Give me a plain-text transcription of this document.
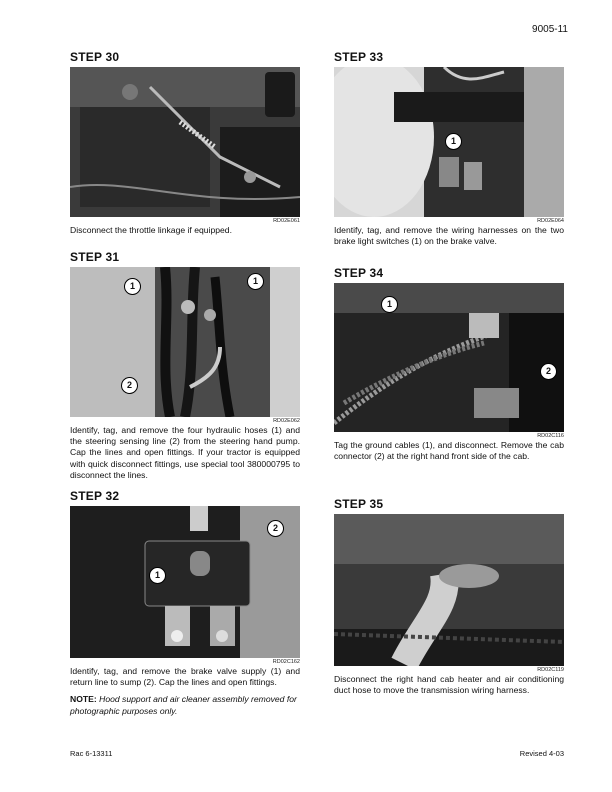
9005-11
STEP 30
RD02E061
Disconnect the throttle linkage if equipped.
STEP 31
1	1
2
RD02E062
Identify, tag, and remove the four hydraulic hoses (1) and the steering sensing line (2) from the steering hand pump. Cap the lines and open fittings. If your tractor is equipped with quick disconnect fittings, use special tool 380000795 to disconnect the lines.
STEP 32
2
1
RD02C162
Identify, tag, and remove the brake valve supply (1) and return line to sump (2). Cap the lines and open fittings.
NOTE: Hood support and air cleaner assembly removed for photographic purposes only.
STEP 33
1
RD02E064
Identify, tag, and remove the wiring harnesses on the two brake light switches (1) on the brake valve.
STEP 34
1
2
RD02C116
Tag the ground cables (1), and disconnect. Remove the cab connector (2) at the right hand front side of the cab.
STEP 35
RD02C119
Disconnect the right hand cab heater and air conditioning duct hose to move the transmission wiring harness.
Rac 6-13311	Revised 4-03
